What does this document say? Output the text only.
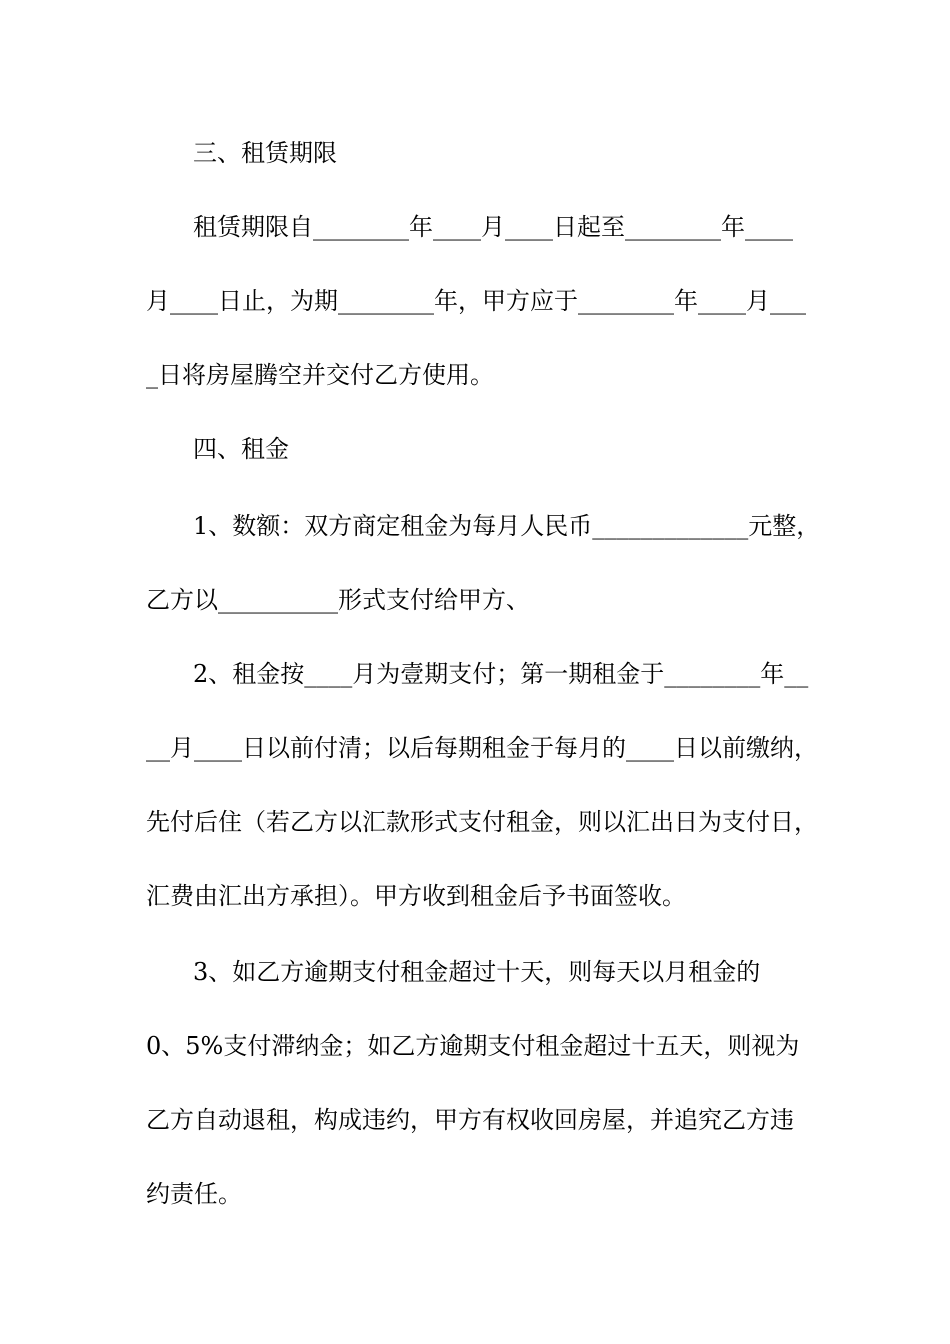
三、租赁期限

租赁期限自________年____月____日起至________年____

月____日止，为期________年，甲方应于________年____月___

_日将房屋腾空并交付乙方使用。

四、租金

1、数额：双方商定租金为每月人民币_____________元整，

乙方以__________形式支付给甲方、

2、租金按____月为壹期支付；第一期租金于________年__

__月____日以前付清；以后每期租金于每月的____日以前缴纳，

先付后住（若乙方以汇款形式支付租金，则以汇出日为支付日，

汇费由汇出方承担）。甲方收到租金后予书面签收。

3、如乙方逾期支付租金超过十天，则每天以月租金的

0、5%支付滞纳金；如乙方逾期支付租金超过十五天，则视为

乙方自动退租，构成违约，甲方有权收回房屋，并追究乙方违

约责任。
